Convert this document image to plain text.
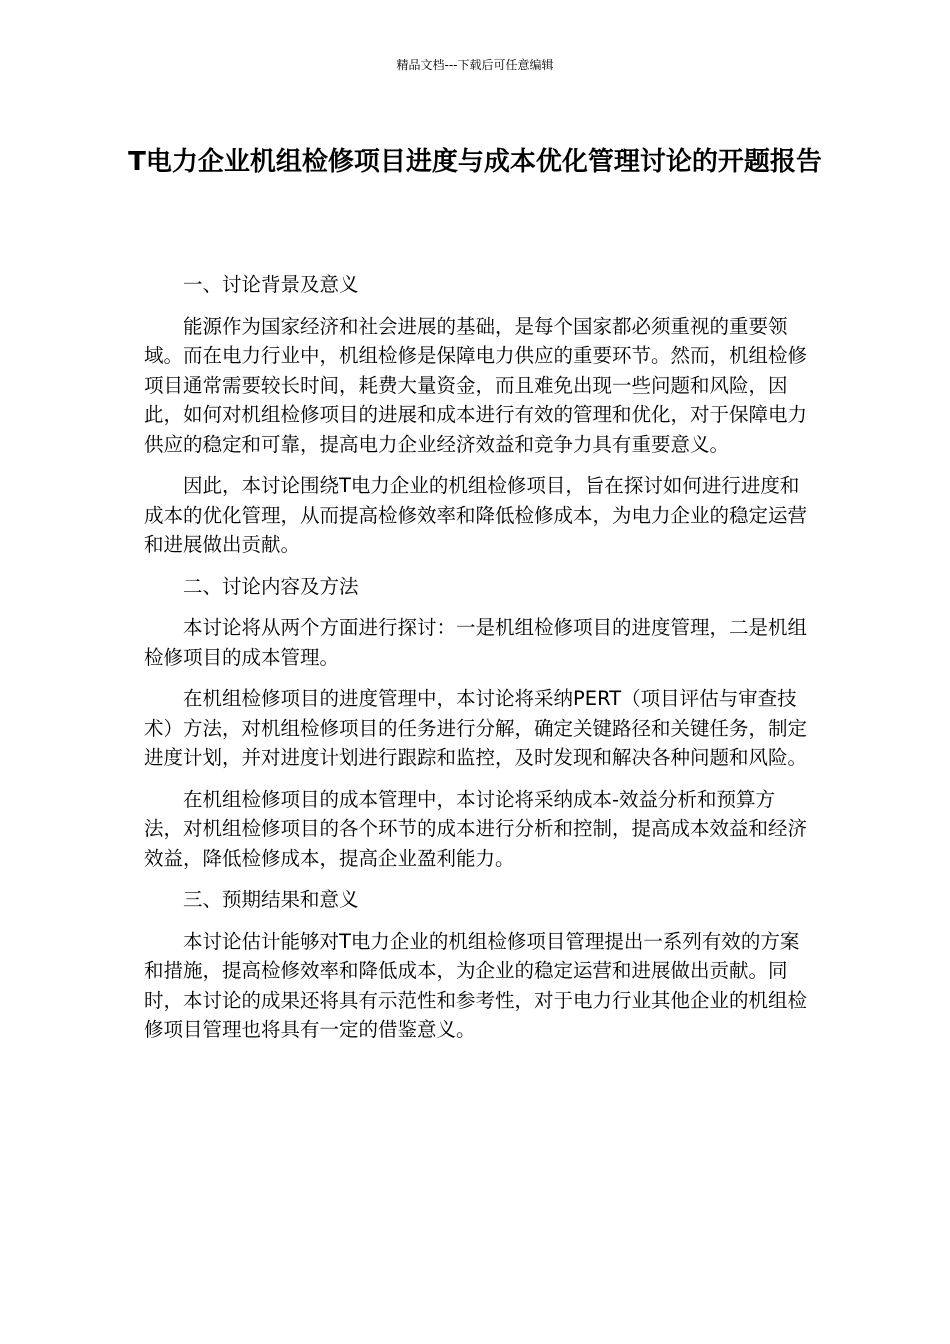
精品文档---下载后可任意编辑
T电力企业机组检修项目进度与成本优化管理讨论的开题报告

一、讨论背景及意义

能源作为国家经济和社会进展的基础，是每个国家都必须重视的重要领域。而在电力行业中，机组检修是保障电力供应的重要环节。然而，机组检修项目通常需要较长时间，耗费大量资金，而且难免出现一些问题和风险，因此，如何对机组检修项目的进展和成本进行有效的管理和优化，对于保障电力供应的稳定和可靠，提高电力企业经济效益和竞争力具有重要意义。

因此，本讨论围绕T电力企业的机组检修项目，旨在探讨如何进行进度和成本的优化管理，从而提高检修效率和降低检修成本，为电力企业的稳定运营和进展做出贡献。

二、讨论内容及方法

本讨论将从两个方面进行探讨：一是机组检修项目的进度管理，二是机组检修项目的成本管理。

在机组检修项目的进度管理中，本讨论将采纳PERT（项目评估与审查技术）方法，对机组检修项目的任务进行分解，确定关键路径和关键任务，制定进度计划，并对进度计划进行跟踪和监控，及时发现和解决各种问题和风险。

在机组检修项目的成本管理中，本讨论将采纳成本-效益分析和预算方法，对机组检修项目的各个环节的成本进行分析和控制，提高成本效益和经济效益，降低检修成本，提高企业盈利能力。

三、预期结果和意义

本讨论估计能够对T电力企业的机组检修项目管理提出一系列有效的方案和措施，提高检修效率和降低成本，为企业的稳定运营和进展做出贡献。同时，本讨论的成果还将具有示范性和参考性，对于电力行业其他企业的机组检修项目管理也将具有一定的借鉴意义。
